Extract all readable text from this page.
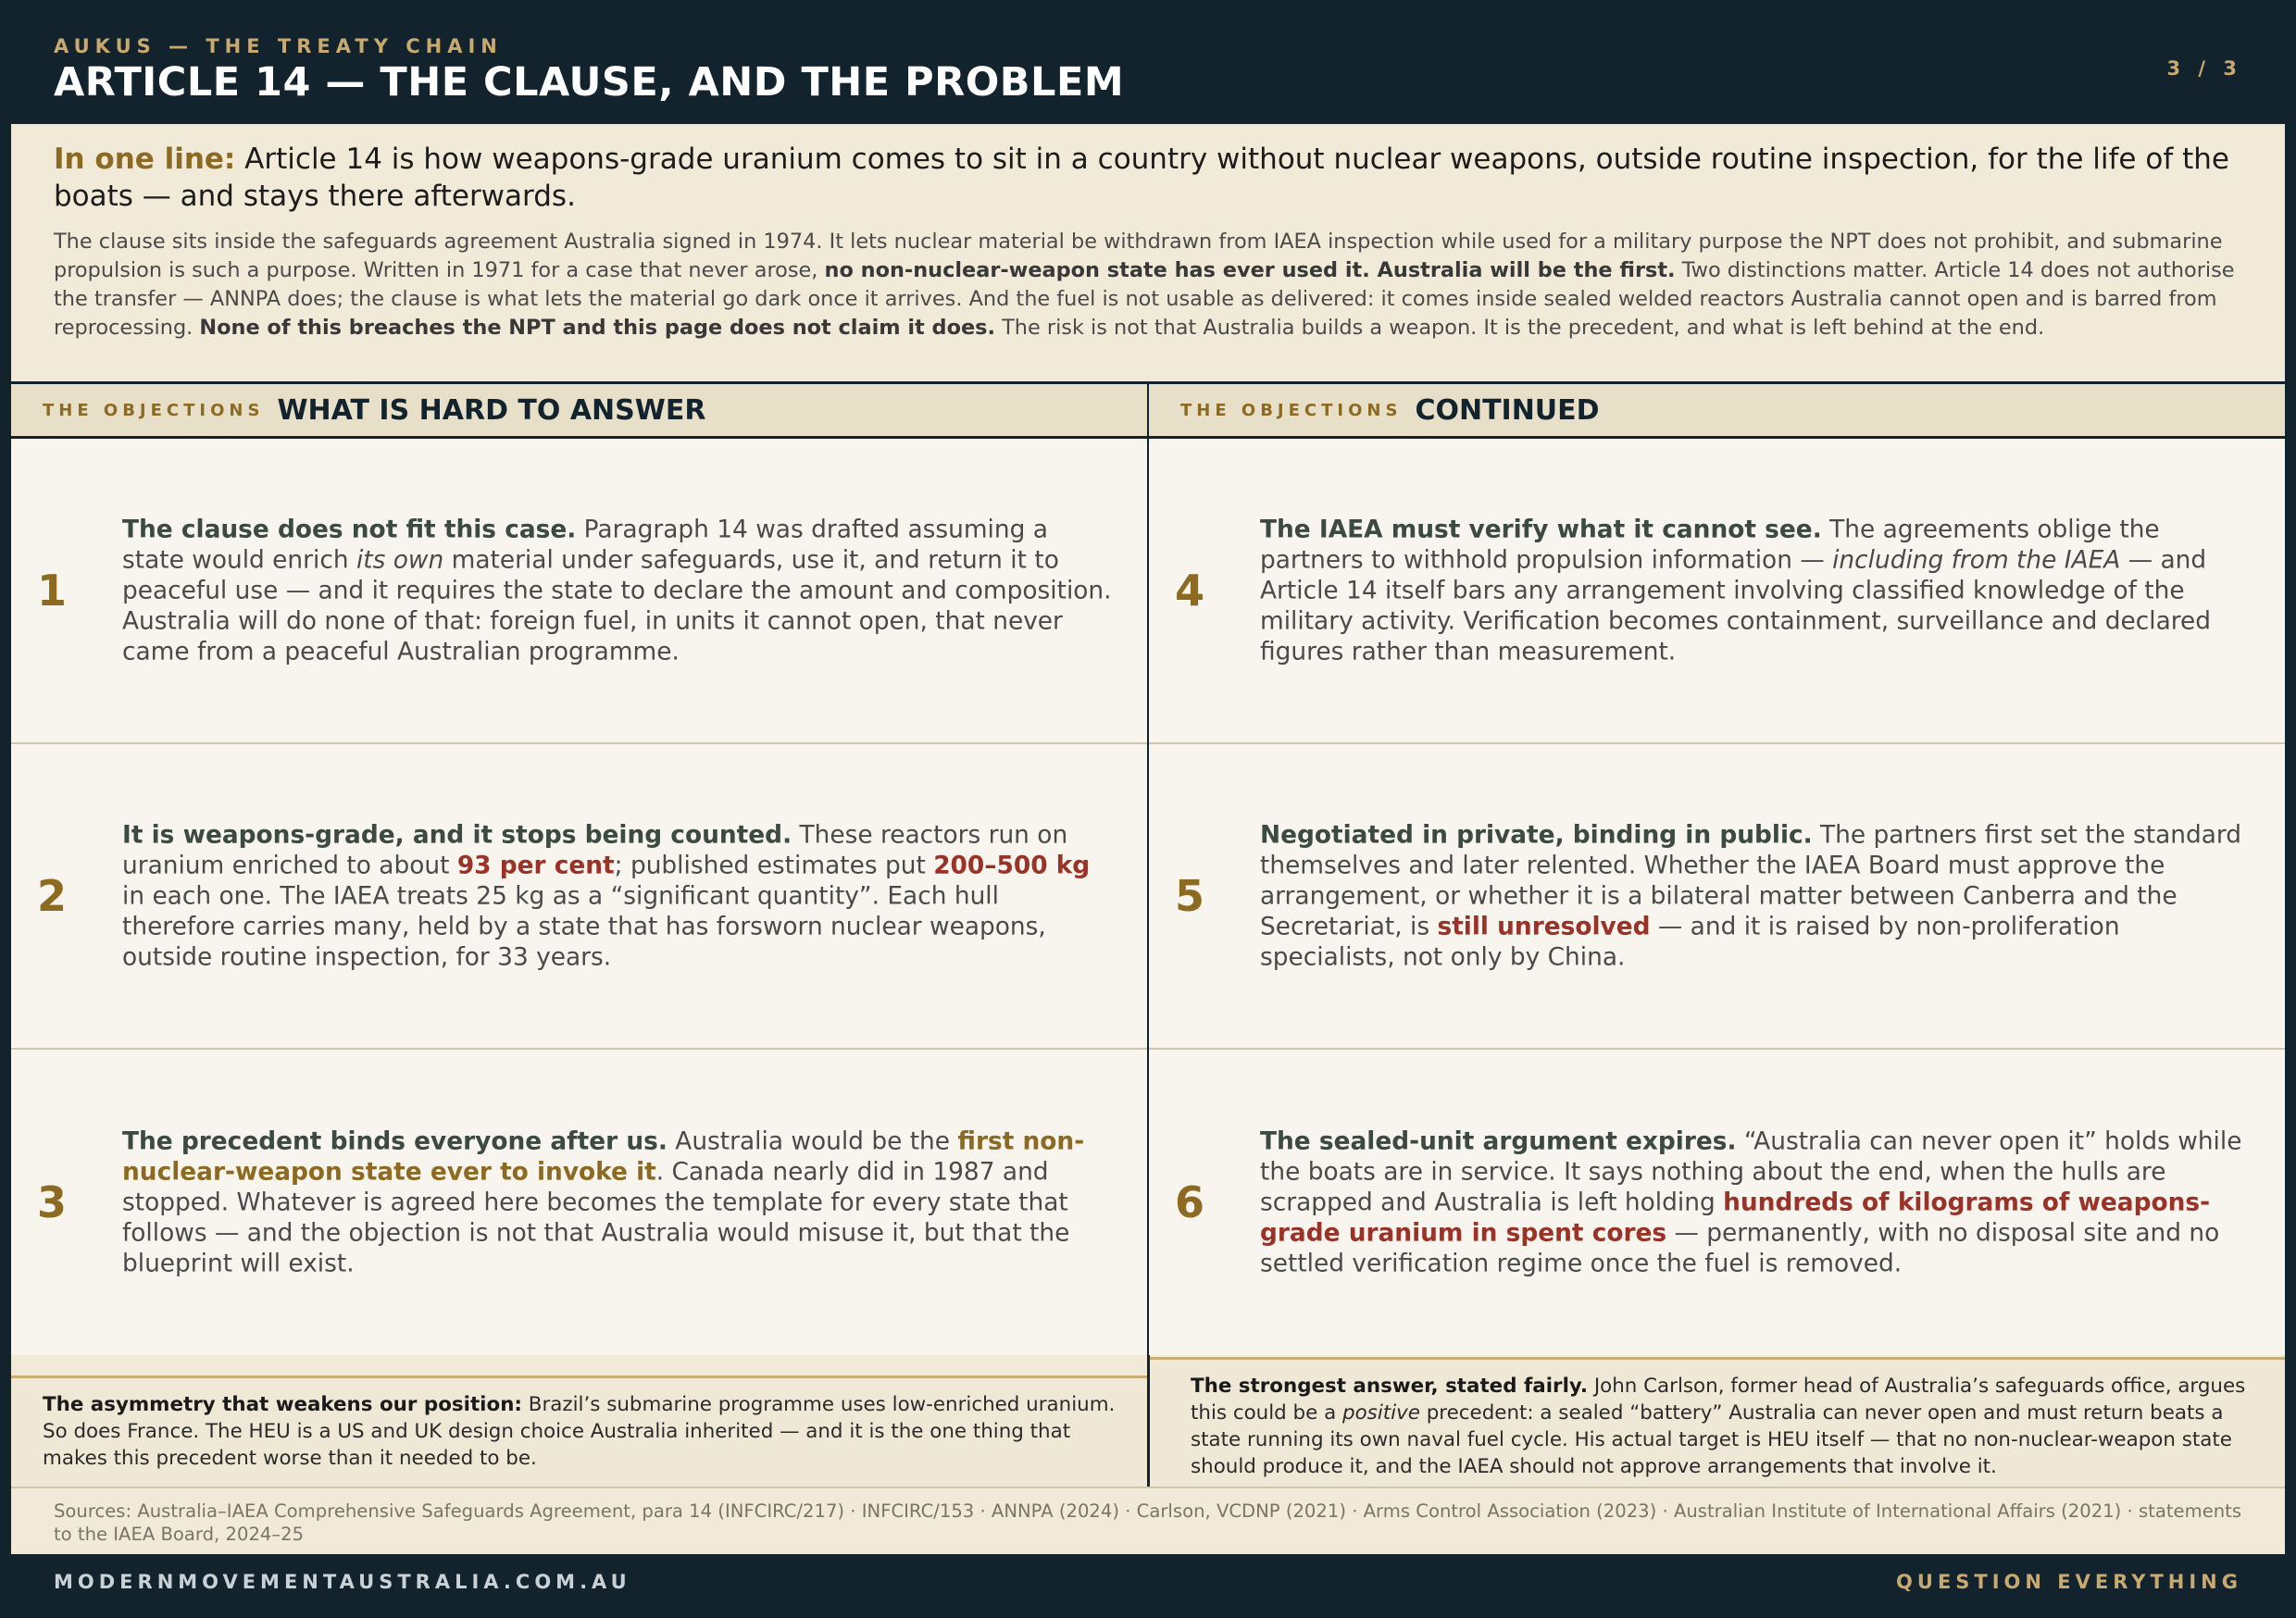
AUKUS — THE TREATY CHAIN
ARTICLE 14 — THE CLAUSE, AND THE PROBLEM	3 / 3
In one line: Article 14 is how weapons-grade uranium comes to sit in a country without nuclear weapons, outside routine inspection, for the life of the boats — and stays there afterwards.
The clause sits inside the safeguards agreement Australia signed in 1974. It lets nuclear material be withdrawn from IAEA inspection while used for a military purpose the NPT does not prohibit, and submarine propulsion is such a purpose. Written in 1971 for a case that never arose, no non-nuclear-weapon state has ever used it. Australia will be the first. Two distinctions matter. Article 14 does not authorise the transfer — ANNPA does; the clause is what lets the material go dark once it arrives. And the fuel is not usable as delivered: it comes inside sealed welded reactors Australia cannot open and is barred from reprocessing. None of this breaches the NPT and this page does not claim it does. The risk is not that Australia builds a weapon. It is the precedent, and what is left behind at the end.
THE OBJECTIONS WHAT IS HARD TO ANSWER
1
The clause does not fit this case. Paragraph 14 was drafted assuming a state would enrich its own material under safeguards, use it, and return it to peaceful use — and it requires the state to declare the amount and composition. Australia will do none of that: foreign fuel, in units it cannot open, that never came from a peaceful Australian programme.
2
It is weapons-grade, and it stops being counted. These reactors run on uranium enriched to about 93 per cent; published estimates put 200–500 kg in each one. The IAEA treats 25 kg as a “significant quantity”. Each hull therefore carries many, held by a state that has forsworn nuclear weapons, outside routine inspection, for 33 years.
3
The precedent binds everyone after us. Australia would be the first non-nuclear-weapon state ever to invoke it. Canada nearly did in 1987 and stopped. Whatever is agreed here becomes the template for every state that follows — and the objection is not that Australia would misuse it, but that the blueprint will exist.
THE OBJECTIONS CONTINUED
4
The IAEA must verify what it cannot see. The agreements oblige the partners to withhold propulsion information — including from the IAEA — and Article 14 itself bars any arrangement involving classified knowledge of the military activity. Verification becomes containment, surveillance and declared figures rather than measurement.
5
Negotiated in private, binding in public. The partners first set the standard themselves and later relented. Whether the IAEA Board must approve the arrangement, or whether it is a bilateral matter between Canberra and the Secretariat, is still unresolved — and it is raised by non-proliferation specialists, not only by China.
6
The sealed-unit argument expires. “Australia can never open it” holds while the boats are in service. It says nothing about the end, when the hulls are scrapped and Australia is left holding hundreds of kilograms of weapons-grade uranium in spent cores — permanently, with no disposal site and no settled verification regime once the fuel is removed.
The asymmetry that weakens our position: Brazil’s submarine programme uses low-enriched uranium. So does France. The HEU is a US and UK design choice Australia inherited — and it is the one thing that makes this precedent worse than it needed to be.
The strongest answer, stated fairly. John Carlson, former head of Australia’s safeguards office, argues this could be a positive precedent: a sealed “battery” Australia can never open and must return beats a state running its own naval fuel cycle. His actual target is HEU itself — that no non-nuclear-weapon state should produce it, and the IAEA should not approve arrangements that involve it.
Sources: Australia–IAEA Comprehensive Safeguards Agreement, para 14 (INFCIRC/217) · INFCIRC/153 · ANNPA (2024) · Carlson, VCDNP (2021) · Arms Control Association (2023) · Australian Institute of International Affairs (2021) · statements to the IAEA Board, 2024–25
MODERNMOVEMENTAUSTRALIA.COM.AU	QUESTION EVERYTHING
